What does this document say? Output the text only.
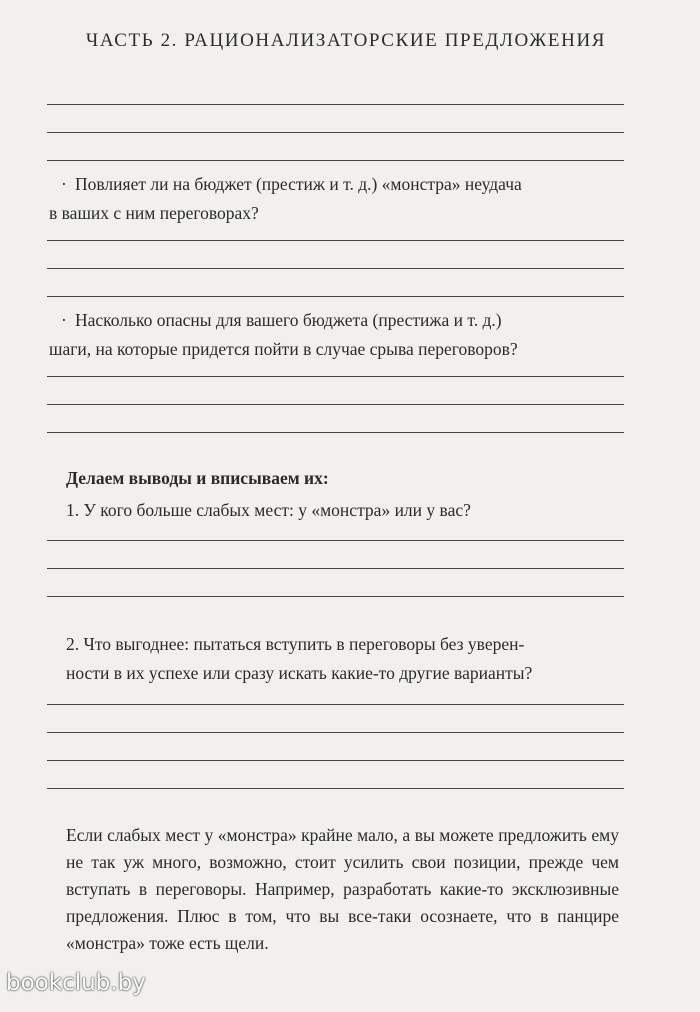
ЧАСТЬ 2. РАЦИОНАЛИЗАТОРСКИЕ ПРЕДЛОЖЕНИЯ
· Повлияет ли на бюджет (престиж и т. д.) «монстра» неудача
в ваших с ним переговорах?
· Насколько опасны для вашего бюджета (престижа и т. д.)
шаги, на которые придется пойти в случае срыва переговоров?
Делаем выводы и вписываем их:
1. У кого больше слабых мест: у «монстра» или у вас?
2. Что выгоднее: пытаться вступить в переговоры без уверен-
ности в их успехе или сразу искать какие-то другие варианты?
Если слабых мест у «монстра» крайне мало, а вы можете предложить ему не так уж много, возможно, стоит усилить свои позиции, прежде чем вступать в переговоры. Например, разработать какие-то эксклюзивные предложения. Плюс в том, что вы все-таки осознаете, что в панцире «монстра» тоже есть щели.
bookclub.by
